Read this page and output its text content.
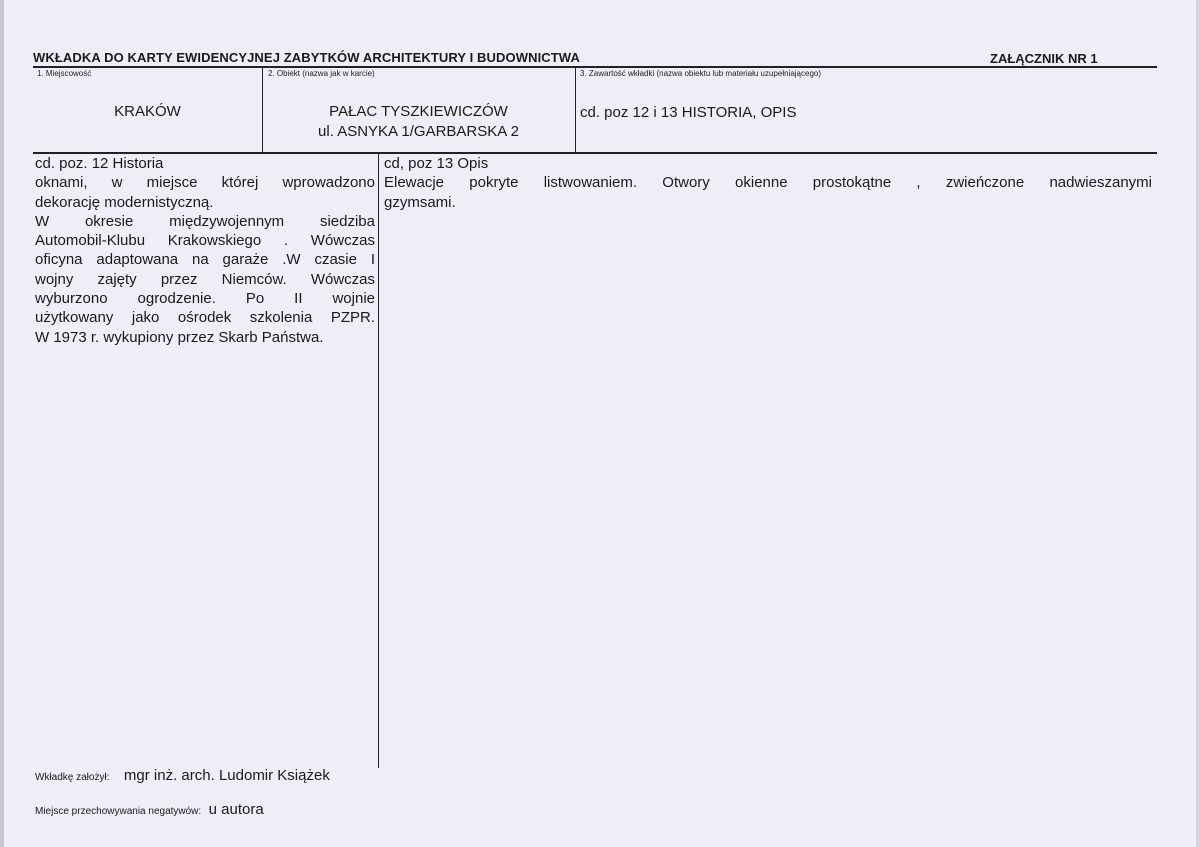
WKŁADKA DO KARTY EWIDENCYJNEJ ZABYTKÓW ARCHITEKTURY I BUDOWNICTWA	ZAŁĄCZNIK NR 1
1. Miejscowość
KRAKÓW
2. Obiekt (nazwa jak w karcie)
PAŁAC TYSZKIEWICZÓW
ul. ASNYKA 1/GARBARSKA 2
3. Zawartość wkładki (nazwa obiektu lub materiału uzupełniającego)
cd. poz 12 i 13 HISTORIA, OPIS
cd. poz. 12 Historia
oknami, w miejsce której wprowadzono
dekorację modernistyczną.
W okresie międzywojennym siedziba
Automobil-Klubu Krakowskiego . Wówczas
oficyna adaptowana na garaże .W czasie I
wojny zajęty przez Niemców. Wówczas
wyburzono ogrodzenie. Po II wojnie
użytkowany jako ośrodek szkolenia PZPR.
W 1973 r. wykupiony przez Skarb Państwa.
cd, poz 13 Opis
Elewacje pokryte listwowaniem. Otwory okienne prostokątne , zwieńczone nadwieszanymi
gzymsami.
Wkładkę założył: mgr inż. arch. Ludomir Książek
Miejsce przechowywania negatywów: u autora
